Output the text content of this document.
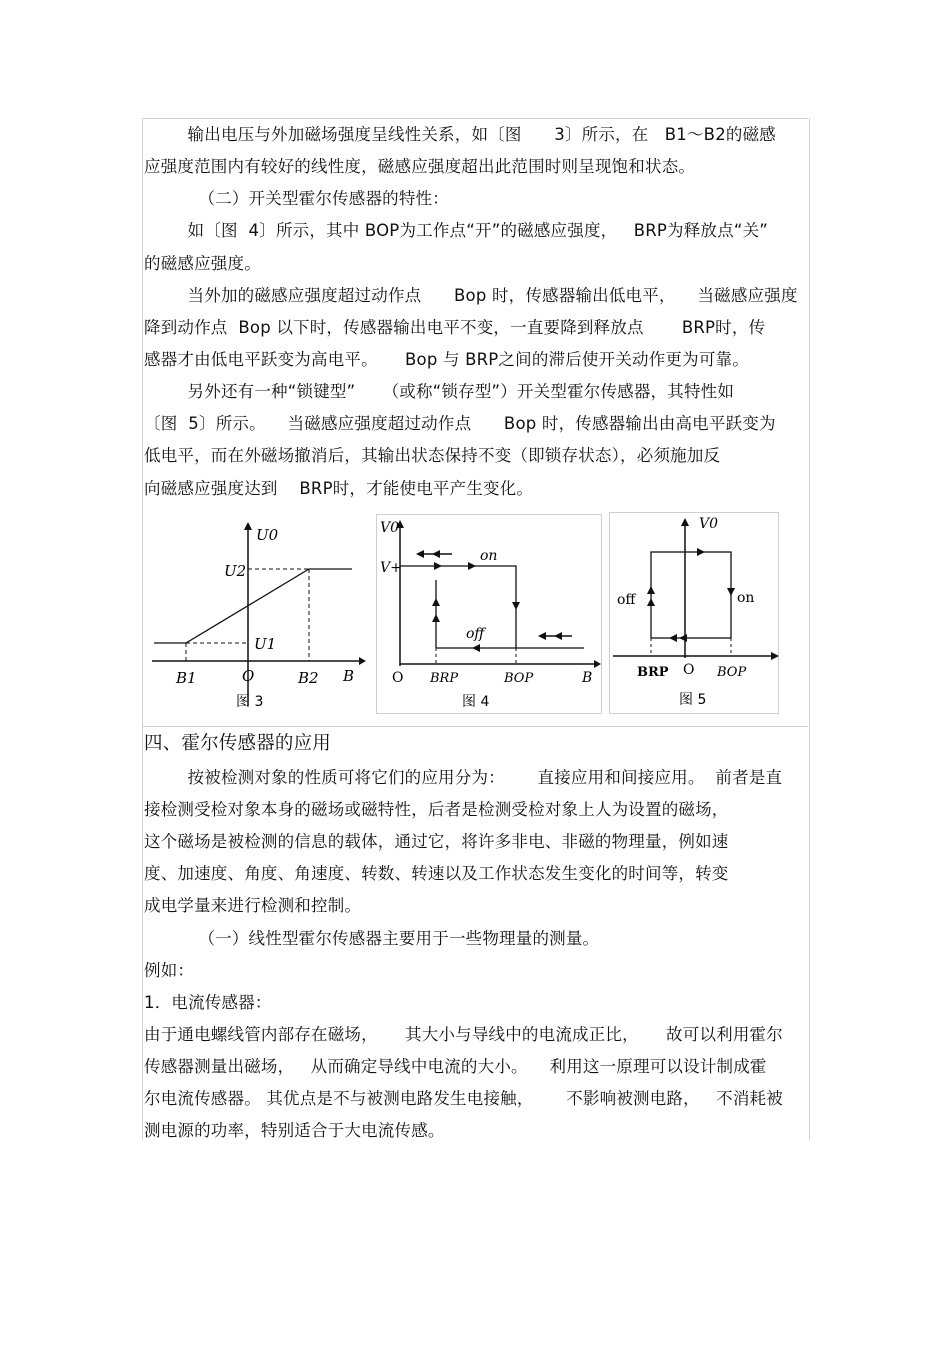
输出电压与外加磁场强度呈线性关系，如〔图      3〕所示，在   B1～B2的磁感
应强度范围内有较好的线性度，磁感应强度超出此范围时则呈现饱和状态。
（二）开关型霍尔传感器的特性：
如〔图  4〕所示，其中 BOP为工作点“开”的磁感应强度，   BRP为释放点“关”
的磁感应强度。
当外加的磁感应强度超过动作点      Bop 时，传感器输出低电平，    当磁感应强度
降到动作点  Bop 以下时，传感器输出电平不变，一直要降到释放点       BRP时，传
感器才由低电平跃变为高电平。     Bop 与 BRP之间的滞后使开关动作更为可靠。
另外还有一种“锁键型”     （或称“锁存型”）开关型霍尔传感器，其特性如
〔图  5〕所示。    当磁感应强度超过动作点      Bop 时，传感器输出由高电平跃变为
低电平，而在外磁场撤消后，其输出状态保持不变（即锁存状态），必须施加反
向磁感应强度达到    BRP时，才能使电平产生变化。
U0
U2
U1
B1	O	B2 B
图 3
V0
V+
on
off
O BRP	BOP	B
图 4
V0
off	on
BRP O BOP
图 5
四、霍尔传感器的应用
按被检测对象的性质可将它们的应用分为：      直接应用和间接应用。  前者是直
接检测受检对象本身的磁场或磁特性，后者是检测受检对象上人为设置的磁场，
这个磁场是被检测的信息的载体，通过它，将许多非电、非磁的物理量，例如速
度、加速度、角度、角速度、转数、转速以及工作状态发生变化的时间等，转变
成电学量来进行检测和控制。
（一）线性型霍尔传感器主要用于一些物理量的测量。
例如：
1．电流传感器：
由于通电螺线管内部存在磁场，     其大小与导线中的电流成正比，     故可以利用霍尔
传感器测量出磁场，   从而确定导线中电流的大小。    利用这一原理可以设计制成霍
尔电流传感器。 其优点是不与被测电路发生电接触，      不影响被测电路，   不消耗被
测电源的功率，特别适合于大电流传感。
